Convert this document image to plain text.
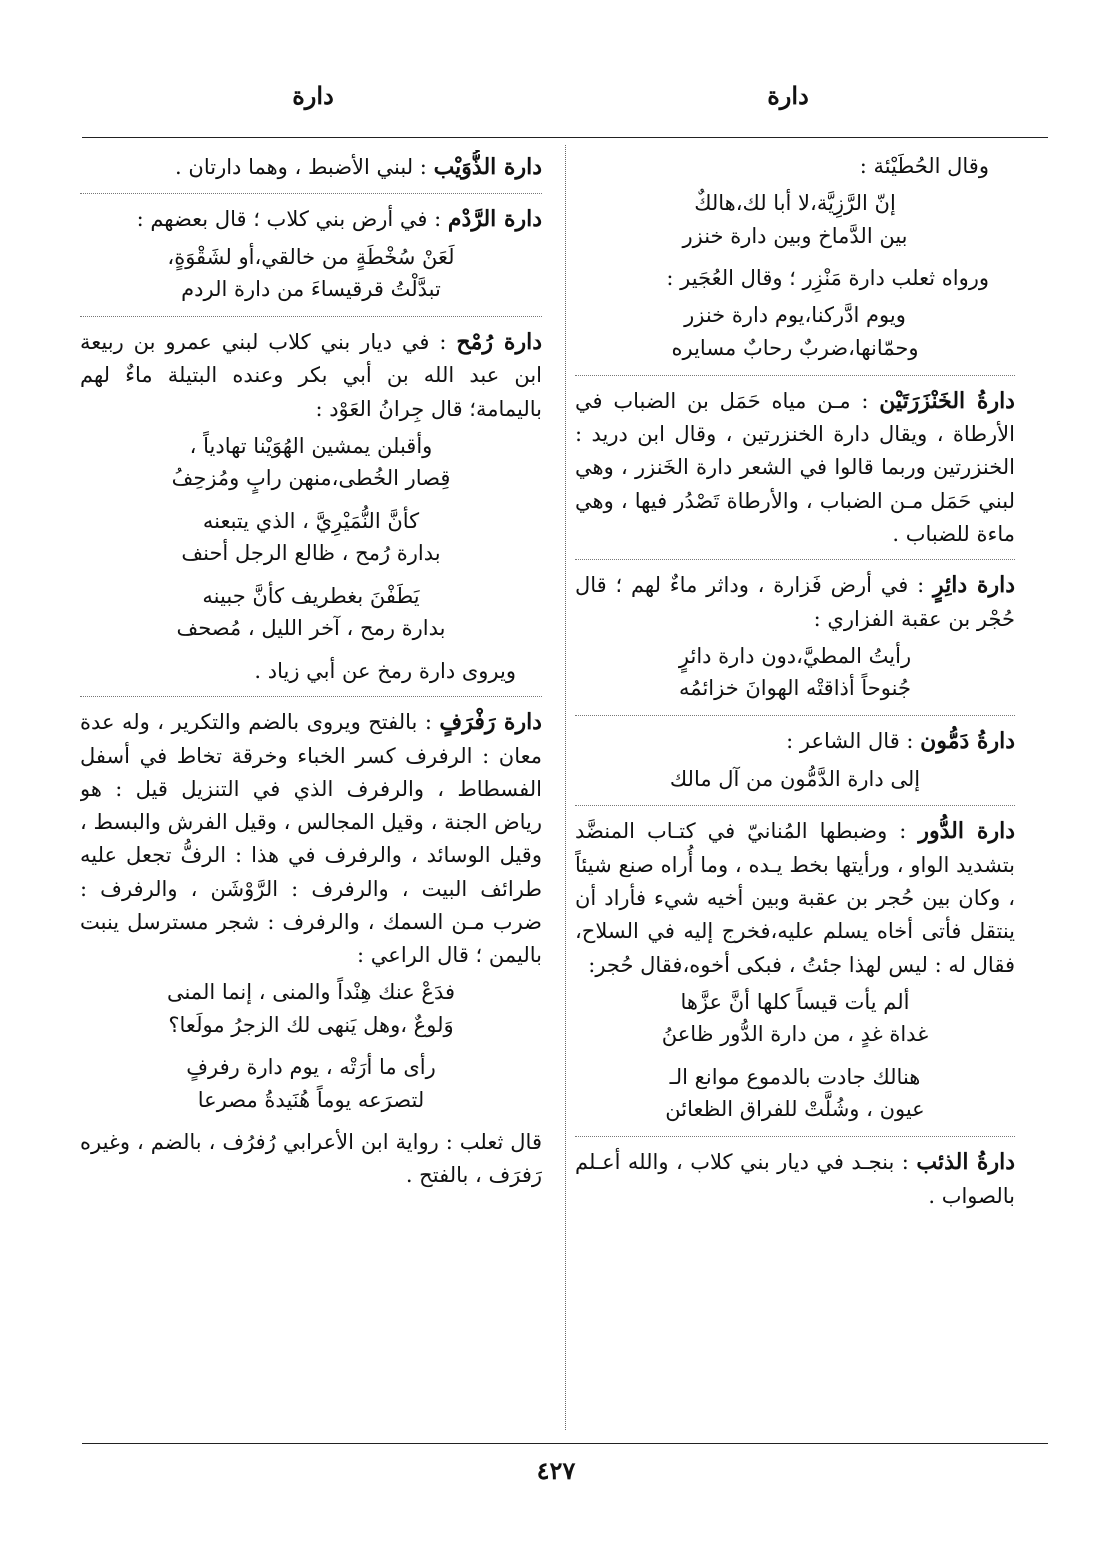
دارة
دارة
وقال الحُطَيْئة :
إنّ الرَّزِيَّة،لا أبا لك،هالكٌ
بين الدَّماخ وبين دارة خنزر
ورواه ثعلب دارة مَنْزِر ؛ وقال العُجَير :
ويوم ادَّركنا،يوم دارة خنزر
وحمّانها،ضربٌ رحابٌ مسايره
دارةُ الخَنْزَرَتَيْن : مـن مياه حَمَل بن الضباب في الأرطاة ، ويقال دارة الخنزرتين ، وقال ابن دريد : الخنزرتين وربما قالوا في الشعر دارة الخَنزر ، وهي لبني حَمَل مـن الضباب ، والأرطاة تَصْدُر فيها ، وهي ماءة للضباب .
دارة دائِرٍ : في أرض فَزارة ، وداثر ماءٌ لهم ؛ قال حُجْر بن عقبة الفزاري :
رأيتُ المطيَّ،دون دارة دائرٍ
جُنوحاً أذاقتْه الهوانَ خزائمُه
دارةُ دَمُّون : قال الشاعر :
إلى دارة الدَّمُّون من آل مالك
دارة الدُّور : وضبطها المُنانيّ في كتـاب المنضَّد بتشديد الواو ، ورأيتها بخط يـده ، وما أُراه صنع شيئاً ، وكان بين حُجر بن عقبة وبين أخيه شيء فأراد أن ينتقل فأتى أخاه يسلم عليه،فخرج إليه في السلاح، فقال له : ليس لهذا جئتُ ، فبكى أخوه،فقال حُجر:
ألم يأت قيساً كلها أنَّ عزَّها
غداة غدٍ ، من دارة الدُّور ظاعنُ
هنالك جادت بالدموع موانع الـ
عيون ، وشُلَّتْ للفراق الظعائن
دارةُ الذئب : بنجـد في ديار بني كلاب ، والله أعـلم بالصواب .
دارة الذُّوَيْب : لبني الأضبط ، وهما دارتان .
دارة الرَّدْم : في أرض بني كلاب ؛ قال بعضهم :
لَعَنْ سُخْطَةٍ من خالقي،أو لشَقْوَةٍ،
تبدَّلْتُ قرقيساءَ من دارة الردم
دارة رُمْح : في ديار بني كلاب لبني عمرو بن ربيعة ابن عبد الله بن أبي بكر وعنده البتيلة ماءٌ لهم باليمامة؛ قال جِرانُ العَوْد :
وأقبلن يمشين الهُوَيْنا تهادياً ،
قِصار الخُطى،منهن رابٍ ومُزحِفُ
كأنَّ النُّمَيْرِيَّ ، الذي يتبعنه
بدارة رُمح ، ظالع الرجل أحنف
يَطَفْنَ بغطريف كأنَّ جبينه
بدارة رمح ، آخر الليل ، مُصحف
ويروى دارة رمخ عن أبي زياد .
دارة رَفْرَفٍ : بالفتح ويروى بالضم والتكرير ، وله عدة معان : الرفرف كسر الخباء وخرقة تخاط في أسفل الفسطاط ، والرفرف الذي في التنزيل قيل : هو رياض الجنة ، وقيل المجالس ، وقيل الفرش والبسط ، وقيل الوسائد ، والرفرف في هذا : الرفُّ تجعل عليه طرائف البيت ، والرفرف : الرَّوْشَن ، والرفرف : ضرب مـن السمك ، والرفرف : شجر مسترسل ينبت باليمن ؛ قال الراعي :
فدَعْ عنك هِنْداً والمنى ، إنما المنى
وَلوعٌ ،وهل يَنهى لك الزجرُ مولَعا؟
رأى ما أرَتْه ، يوم دارة رفرفٍ
لتصرَعه يوماً هُنَيدةُ مصرعا
قال ثعلب : رواية ابن الأعرابي رُفرُف ، بالضم ، وغيره رَفرَف ، بالفتح .
٤٢٧
